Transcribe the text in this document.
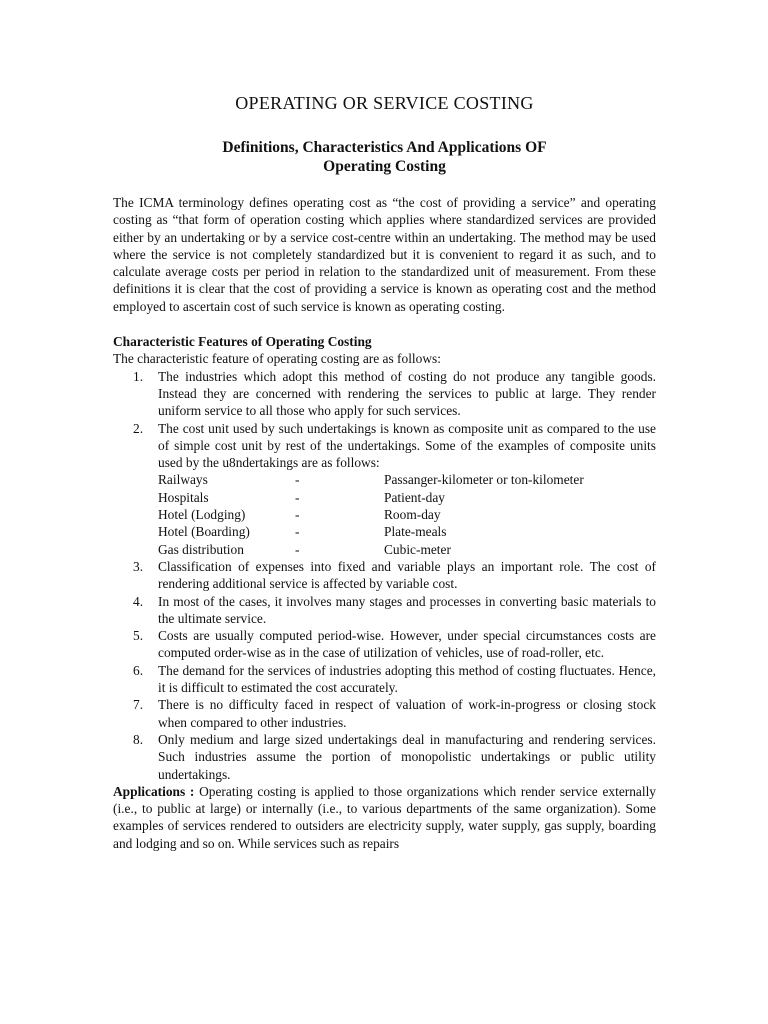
OPERATING OR SERVICE COSTING
Definitions, Characteristics And Applications OF
Operating Costing

The ICMA terminology defines operating cost as “the cost of providing a service” and operating costing as “that form of operation costing which applies where standardized services are provided either by an undertaking or by a service cost-centre within an undertaking. The method may be used where the service is not completely standardized but it is convenient to regard it as such, and to calculate average costs per period in relation to the standardized unit of measurement. From these definitions it is clear that the cost of providing a service is known as operating cost and the method employed to ascertain cost of such service is known as operating costing.

Characteristic Features of Operating Costing

The characteristic feature of operating costing are as follows:

1. The industries which adopt this method of costing do not produce any tangible goods. Instead they are concerned with rendering the services to public at large. They render uniform service to all those who apply for such services.
2. The cost unit used by such undertakings is known as composite unit as compared to the use of simple cost unit by rest of the undertakings. Some of the examples of composite units used by the u8ndertakings are as follows:
Railways	-	Passanger-kilometer or ton-kilometer
Hospitals	-	Patient-day
Hotel (Lodging)	-	Room-day
Hotel (Boarding)	-	Plate-meals
Gas distribution	-	Cubic-meter
3. Classification of expenses into fixed and variable plays an important role. The cost of rendering additional service is affected by variable cost.
4. In most of the cases, it involves many stages and processes in converting basic materials to the ultimate service.
5. Costs are usually computed period-wise. However, under special circumstances costs are computed order-wise as in the case of utilization of vehicles, use of road-roller, etc.
6. The demand for the services of industries adopting this method of costing fluctuates. Hence, it is difficult to estimated the cost accurately.
7. There is no difficulty faced in respect of valuation of work-in-progress or closing stock when compared to other industries.
8. Only medium and large sized undertakings deal in manufacturing and rendering services. Such industries assume the portion of monopolistic undertakings or public utility undertakings.

Applications : Operating costing is applied to those organizations which render service externally (i.e., to public at large) or internally (i.e., to various departments of the same organization). Some examples of services rendered to outsiders are electricity supply, water supply, gas supply, boarding and lodging and so on. While services such as repairs
